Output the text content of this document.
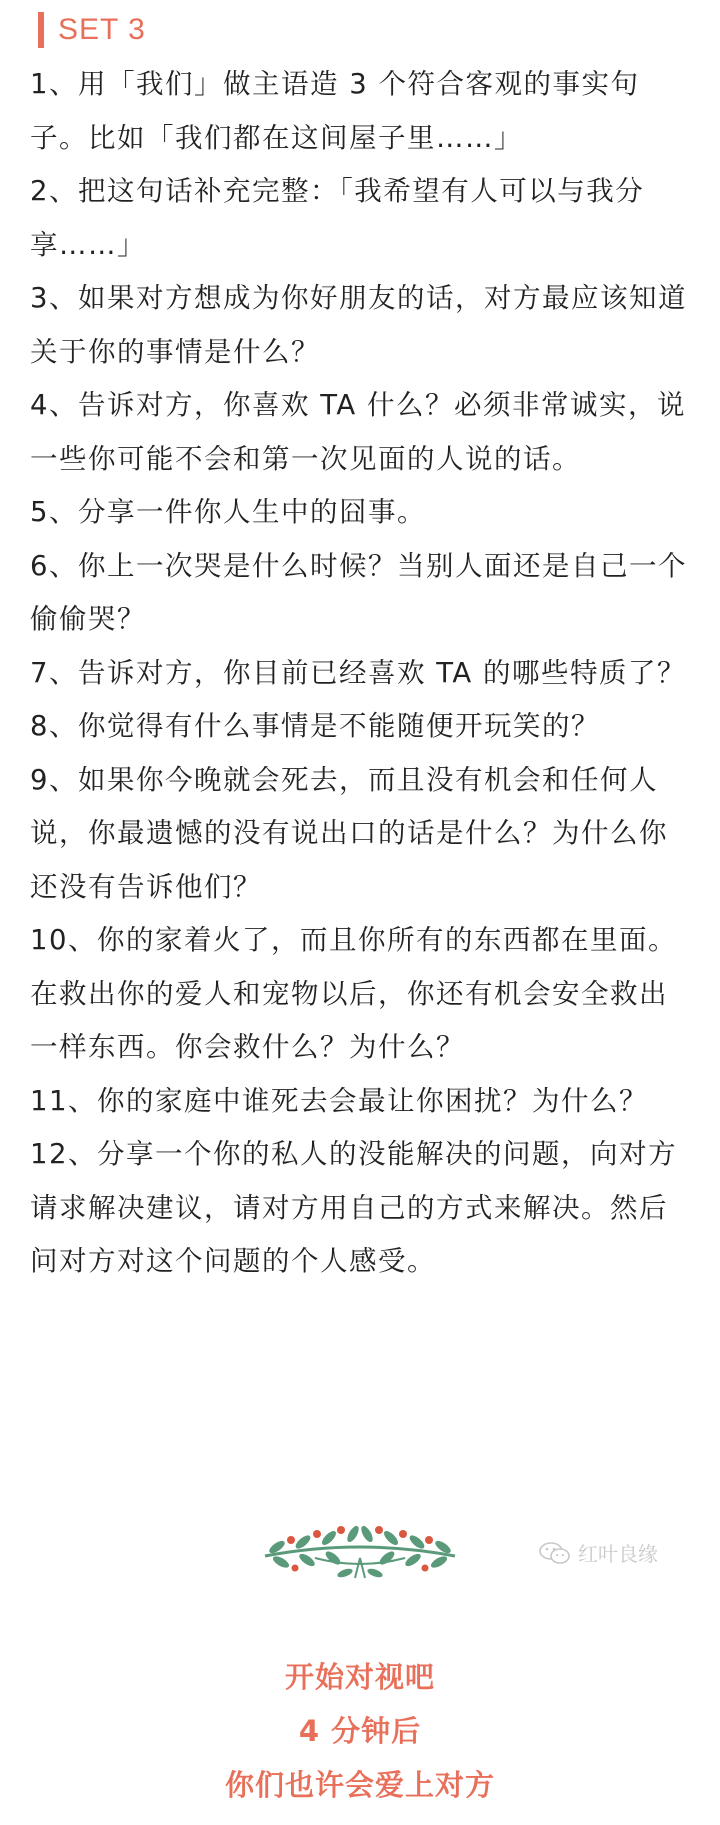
SET 3

1、用「我们」做主语造 3 个符合客观的事实句子。比如「我们都在这间屋子里……」

2、把这句话补充完整：「我希望有人可以与我分享……」

3、如果对方想成为你好朋友的话，对方最应该知道关于你的事情是什么？

4、告诉对方，你喜欢 TA 什么？必须非常诚实，说一些你可能不会和第一次见面的人说的话。

5、分享一件你人生中的囧事。

6、你上一次哭是什么时候？当别人面还是自己一个偷偷哭？

7、告诉对方，你目前已经喜欢 TA 的哪些特质了？

8、你觉得有什么事情是不能随便开玩笑的？

9、如果你今晚就会死去，而且没有机会和任何人说，你最遗憾的没有说出口的话是什么？为什么你还没有告诉他们？

10、你的家着火了，而且你所有的东西都在里面。在救出你的爱人和宠物以后，你还有机会安全救出一样东西。你会救什么？为什么？

11、你的家庭中谁死去会最让你困扰？为什么？

12、分享一个你的私人的没能解决的问题，向对方请求解决建议，请对方用自己的方式来解决。然后问对方对这个问题的个人感受。

红叶良缘
开始对视吧
4 分钟后
你们也许会爱上对方
